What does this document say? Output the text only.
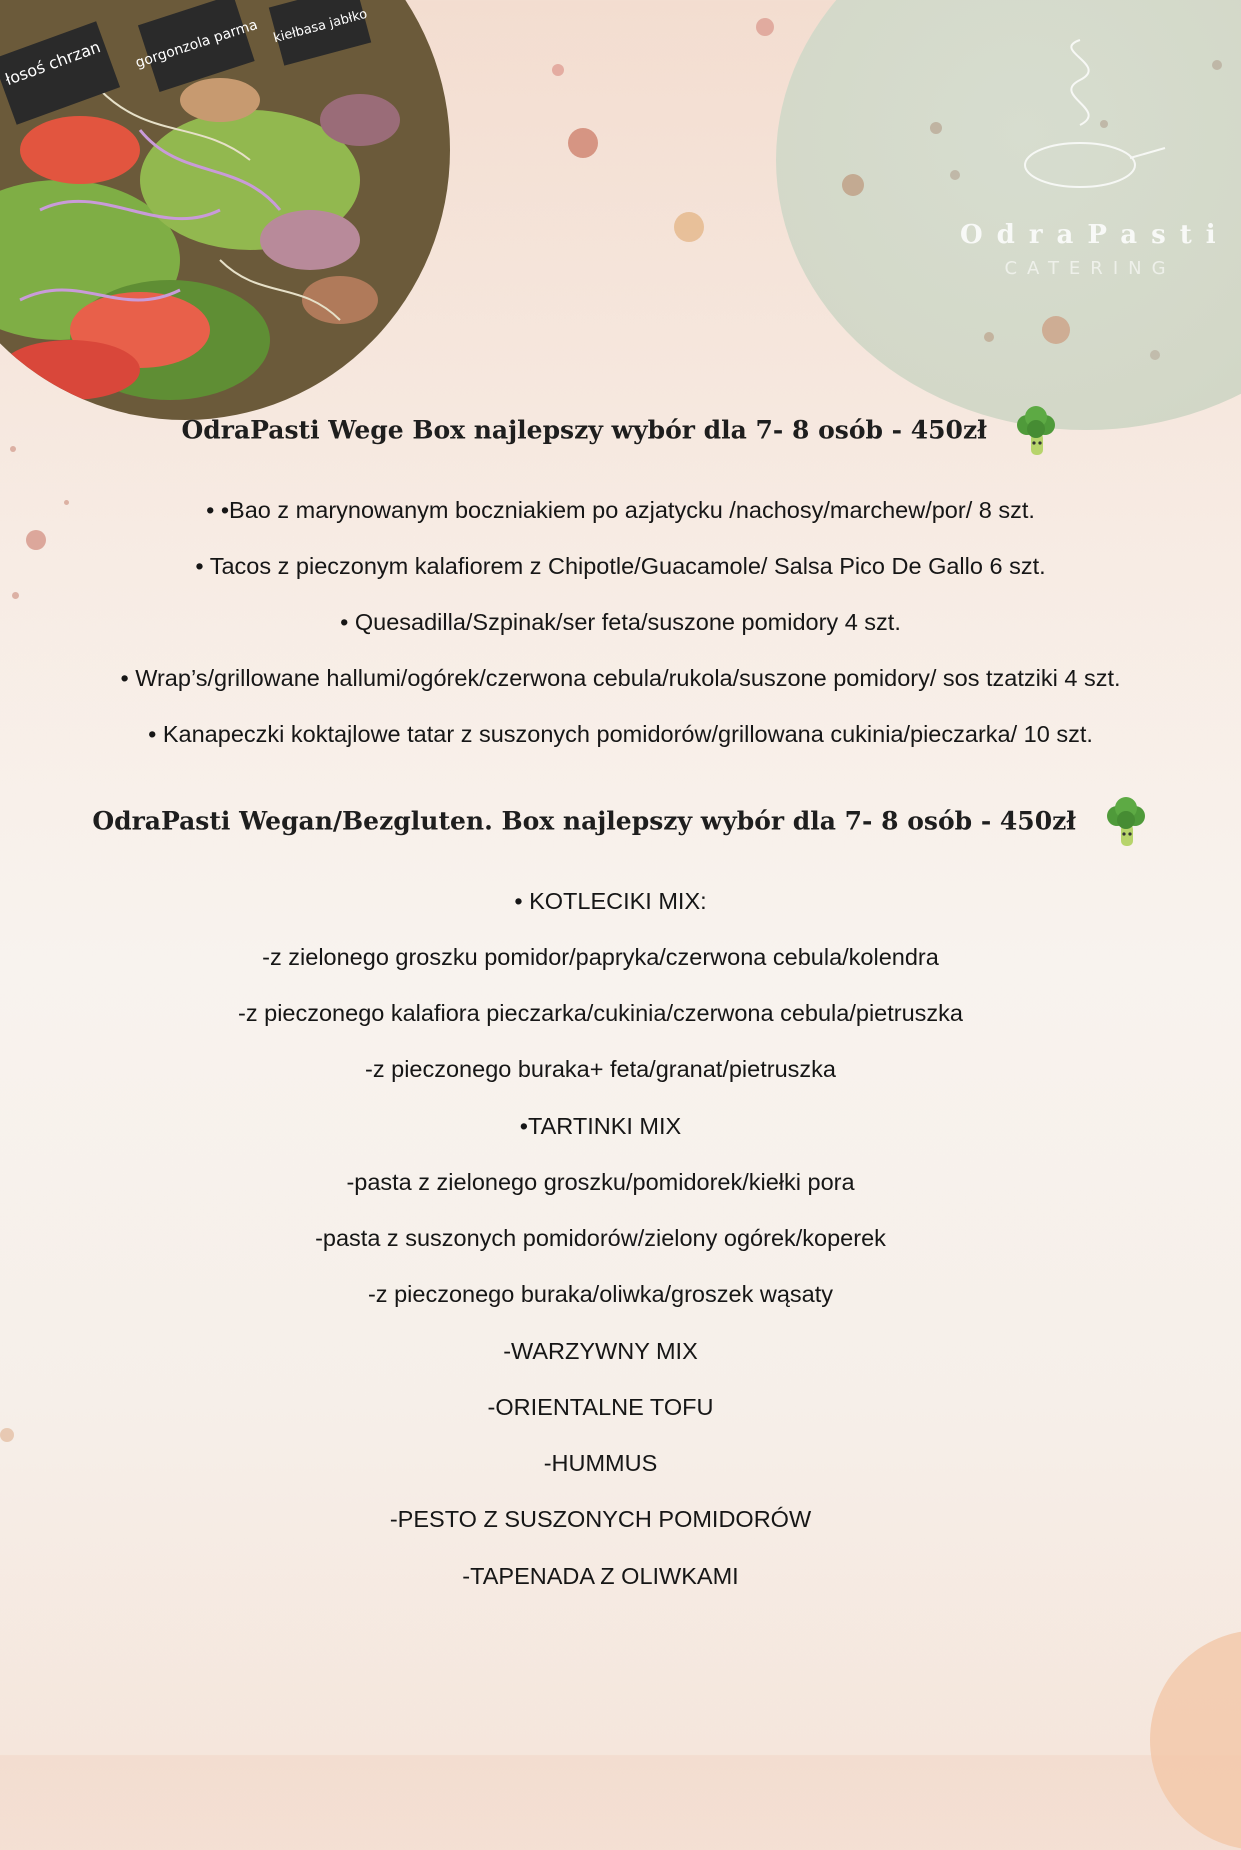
łosoś chrzan gorgonzola parma kiełbasa jabłko
OdraPasti
CATERING
OdraPasti Wege Box najlepszy wybór dla 7- 8 osób - 450zł
• •Bao z marynowanym boczniakiem po azjatycku /nachosy/marchew/por/ 8 szt.
• Tacos z pieczonym kalafiorem z Chipotle/Guacamole/ Salsa Pico De Gallo 6 szt.
• Quesadilla/Szpinak/ser feta/suszone pomidory 4 szt.
• Wrap’s/grillowane hallumi/ogórek/czerwona cebula/rukola/suszone pomidory/ sos tzatziki 4 szt.
• Kanapeczki koktajlowe tatar z suszonych pomidorów/grillowana cukinia/pieczarka/ 10 szt.
OdraPasti Wegan/Bezgluten. Box najlepszy wybór dla 7- 8 osób - 450zł
• KOTLECIKI MIX:
-z zielonego groszku pomidor/papryka/czerwona cebula/kolendra
-z pieczonego kalafiora pieczarka/cukinia/czerwona cebula/pietruszka
-z pieczonego buraka+ feta/granat/pietruszka
•TARTINKI MIX
-pasta z zielonego groszku/pomidorek/kiełki pora
-pasta z suszonych pomidorów/zielony ogórek/koperek
-z pieczonego buraka/oliwka/groszek wąsaty
-WARZYWNY MIX
-ORIENTALNE TOFU
-HUMMUS
-PESTO Z SUSZONYCH POMIDORÓW
-TAPENADA Z OLIWKAMI
